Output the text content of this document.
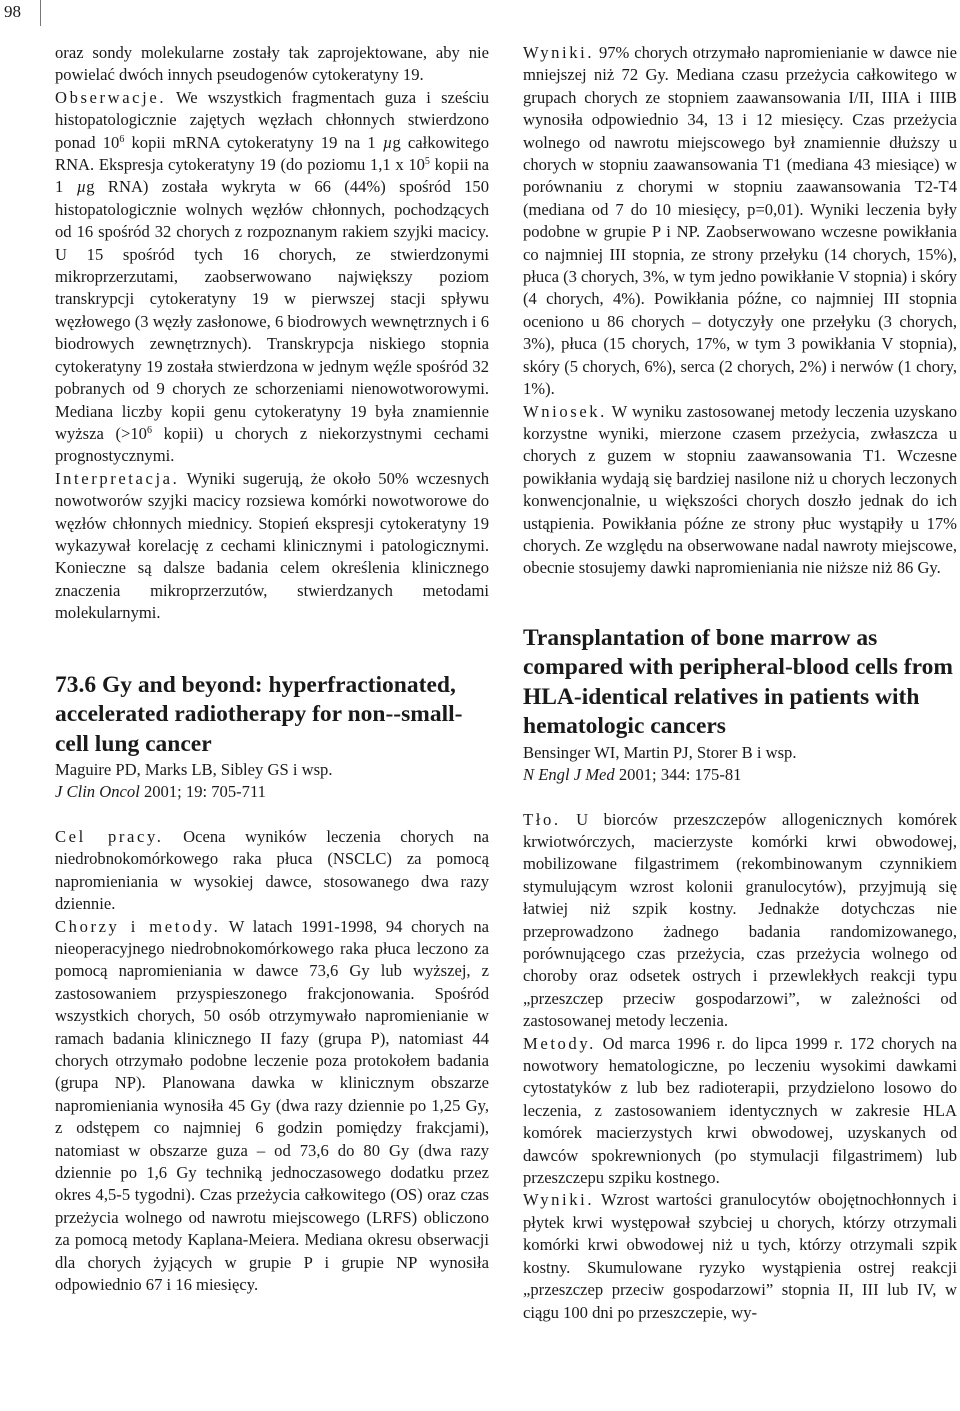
98

oraz sondy molekularne zostały tak zaprojektowane, aby nie powielać dwóch innych pseudogenów cytokeratyny 19.

Obserwacje. We wszystkich fragmentach guza i sześciu histopatologicznie zajętych węzłach chłonnych stwierdzono ponad $10^6$ kopii mRNA cytokeratyny 19 na 1 µg całkowitego RNA. Ekspresja cytokeratyny 19 (do poziomu 1,1 x $10^5$ kopii na 1 µg RNA) została wykryta w 66 (44%) spośród 150 histopatologicznie wolnych węzłów chłonnych, pochodzących od 16 spośród 32 chorych z rozpoznanym rakiem szyjki macicy. U 15 spośród tych 16 chorych, ze stwierdzonymi mikroprzerzutami, zaobserwowano największy poziom transkrypcji cytokeratyny 19 w pierwszej stacji spływu węzłowego (3 węzły zasłonowe, 6 biodrowych wewnętrznych i 6 biodrowych zewnętrznych). Transkrypcja niskiego stopnia cytokeratyny 19 została stwierdzona w jednym węźle spośród 32 pobranych od 9 chorych ze schorzeniami nienowotworowymi. Mediana liczby kopii genu cytokeratyny 19 była znamiennie wyższa ($>10^6$ kopii) u chorych z niekorzystnymi cechami prognostycznymi.

Interpretacja. Wyniki sugerują, że około 50% wczesnych nowotworów szyjki macicy rozsiewa komórki nowotworowe do węzłów chłonnych miednicy. Stopień ekspresji cytokeratyny 19 wykazywał korelację z cechami klinicznymi i patologicznymi. Konieczne są dalsze badania celem określenia klinicznego znaczenia mikroprzerzutów, stwierdzanych metodami molekularnymi.

73.6 Gy and beyond: hyperfractionated, accelerated radiotherapy for non--small-cell lung cancer

Maguire PD, Marks LB, Sibley GS i wsp.

J Clin Oncol 2001; 19: 705-711

Cel pracy. Ocena wyników leczenia chorych na niedrobnokomórkowego raka płuca (NSCLC) za pomocą napromieniania w wysokiej dawce, stosowanego dwa razy dziennie.

Chorzy i metody. W latach 1991-1998, 94 chorych na nieoperacyjnego niedrobnokomórkowego raka płuca leczono za pomocą napromieniania w dawce 73,6 Gy lub wyższej, z zastosowaniem przyspieszonego frakcjonowania. Spośród wszystkich chorych, 50 osób otrzymywało napromienianie w ramach badania klinicznego II fazy (grupa P), natomiast 44 chorych otrzymało podobne leczenie poza protokołem badania (grupa NP). Planowana dawka w klinicznym obszarze napromieniania wynosiła 45 Gy (dwa razy dziennie po 1,25 Gy, z odstępem co najmniej 6 godzin pomiędzy frakcjami), natomiast w obszarze guza – od 73,6 do 80 Gy (dwa razy dziennie po 1,6 Gy techniką jednoczasowego dodatku przez okres 4,5-5 tygodni). Czas przeżycia całkowitego (OS) oraz czas przeżycia wolnego od nawrotu miejscowego (LRFS) obliczono za pomocą metody Kaplana-Meiera. Mediana okresu obserwacji dla chorych żyjących w grupie P i grupie NP wynosiła odpowiednio 67 i 16 miesięcy.

Wyniki. 97% chorych otrzymało napromienianie w dawce nie mniejszej niż 72 Gy. Mediana czasu przeżycia całkowitego w grupach chorych ze stopniem zaawansowania I/II, IIIA i IIIB wynosiła odpowiednio 34, 13 i 12 miesięcy. Czas przeżycia wolnego od nawrotu miejscowego był znamiennie dłuższy u chorych w stopniu zaawansowania T1 (mediana 43 miesiące) w porównaniu z chorymi w stopniu zaawansowania T2-T4 (mediana od 7 do 10 miesięcy, p=0,01). Wyniki leczenia były podobne w grupie P i NP. Zaobserwowano wczesne powikłania co najmniej III stopnia, ze strony przełyku (14 chorych, 15%), płuca (3 chorych, 3%, w tym jedno powikłanie V stopnia) i skóry (4 chorych, 4%). Powikłania późne, co najmniej III stopnia oceniono u 86 chorych – dotyczyły one przełyku (3 chorych, 3%), płuca (15 chorych, 17%, w tym 3 powikłania V stopnia), skóry (5 chorych, 6%), serca (2 chorych, 2%) i nerwów (1 chory, 1%).

Wniosek. W wyniku zastosowanej metody leczenia uzyskano korzystne wyniki, mierzone czasem przeżycia, zwłaszcza u chorych z guzem w stopniu zaawansowania T1. Wczesne powikłania wydają się bardziej nasilone niż u chorych leczonych konwencjonalnie, u większości chorych doszło jednak do ich ustąpienia. Powikłania późne ze strony płuc wystąpiły u 17% chorych. Ze względu na obserwowane nadal nawroty miejscowe, obecnie stosujemy dawki napromieniania nie niższe niż 86 Gy.

Transplantation of bone marrow as compared with peripheral-blood cells from HLA-identical relatives in patients with hematologic cancers

Bensinger WI, Martin PJ, Storer B i wsp.

N Engl J Med 2001; 344: 175-81

Tło. U biorców przeszczepów allogenicznych komórek krwiotwórczych, macierzyste komórki krwi obwodowej, mobilizowane filgastrimem (rekombinowanym czynnikiem stymulującym wzrost kolonii granulocytów), przyjmują się łatwiej niż szpik kostny. Jednakże dotychczas nie przeprowadzono żadnego badania randomizowanego, porównującego czas przeżycia, czas przeżycia wolnego od choroby oraz odsetek ostrych i przewlekłych reakcji typu „przeszczep przeciw gospodarzowi”, w zależności od zastosowanej metody leczenia.

Metody. Od marca 1996 r. do lipca 1999 r. 172 chorych na nowotwory hematologiczne, po leczeniu wysokimi dawkami cytostatyków z lub bez radioterapii, przydzielono losowo do leczenia, z zastosowaniem identycznych w zakresie HLA komórek macierzystych krwi obwodowej, uzyskanych od dawców spokrewnionych (po stymulacji filgastrimem) lub przeszczepu szpiku kostnego.

Wyniki. Wzrost wartości granulocytów obojętnochłonnych i płytek krwi występował szybciej u chorych, którzy otrzymali komórki krwi obwodowej niż u tych, którzy otrzymali szpik kostny. Skumulowane ryzyko wystąpienia ostrej reakcji „przeszczep przeciw gospodarzowi” stopnia II, III lub IV, w ciągu 100 dni po przeszczepie, wy-
